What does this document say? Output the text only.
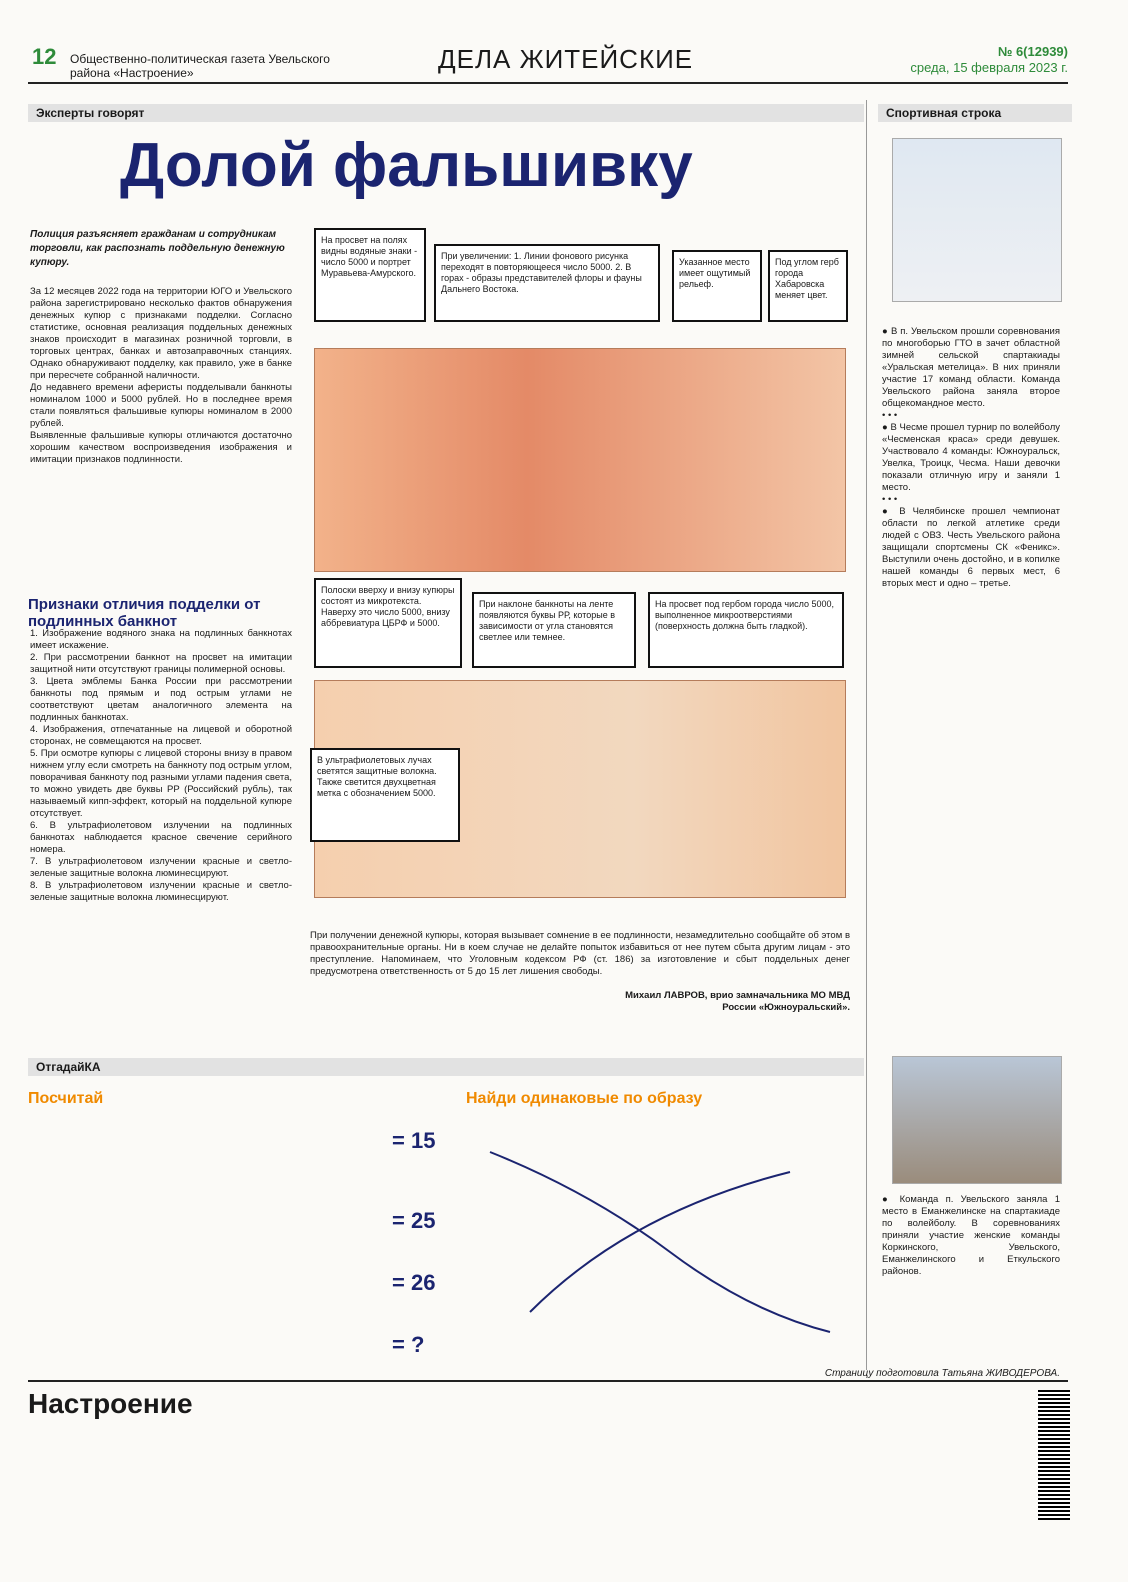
12 Общественно-политическая газета Увельского района «Настроение»	ДЕЛА ЖИТЕЙСКИЕ	№ 6(12939)
среда, 15 февраля 2023 г.
Эксперты говорят	Спортивная строка
Долой фальшивку
Полиция разъясняет гражданам и сотрудникам торговли, как распознать поддельную денежную купюру.
За 12 месяцев 2022 года на территории ЮГО и Увельского района зарегистрировано несколько фактов обнаружения денежных купюр с признаками подделки. Согласно статистике, основная реализация поддельных денежных знаков происходит в магазинах розничной торговли, в торговых центрах, банках и автозаправочных станциях. Однако обнаруживают подделку, как правило, уже в банке при пересчете собранной наличности.
До недавнего времени аферисты подделывали банкноты номиналом 1000 и 5000 рублей. Но в последнее время стали появляться фальшивые купюры номиналом в 2000 рублей.
Выявленные фальшивые купюры отличаются достаточно хорошим качеством воспроизведения изображения и имитации признаков подлинности.
Признаки отличия подделки от подлинных банкнот
1. Изображение водяного знака на подлинных банкнотах имеет искажение.
2. При рассмотрении банкнот на просвет на имитации защитной нити отсутствуют границы полимерной основы.
3. Цвета эмблемы Банка России при рассмотрении банкноты под прямым и под острым углами не соответствуют цветам аналогичного элемента на подлинных банкнотах.
4. Изображения, отпечатанные на лицевой и оборотной сторонах, не совмещаются на просвет.
5. При осмотре купюры с лицевой стороны внизу в правом нижнем углу если смотреть на банкноту под острым углом, поворачивая банкноту под разными углами падения света, то можно увидеть две буквы РР (Российский рубль), так называемый кипп-эффект, который на поддельной купюре отсутствует.
6. В ультрафиолетовом излучении на подлинных банкнотах наблюдается красное свечение серийного номера.
7. В ультрафиолетовом излучении красные и светло-зеленые защитные волокна люминесцируют.
8. В ультрафиолетовом излучении красные и светло-зеленые защитные волокна люминесцируют.
На просвет на полях видны водяные знаки - число 5000 и портрет Муравьева-Амурского.
При увеличении: 1. Линии фонового рисунка переходят в повторяющееся число 5000. 2. В горах - образы представителей флоры и фауны Дальнего Востока.
Указанное место имеет ощутимый рельеф.
Под углом герб города Хабаровска меняет цвет.
Полоски вверху и внизу купюры состоят из микротекста. Наверху это число 5000, внизу аббревиатура ЦБРФ и 5000.
При наклоне банкноты на ленте появляются буквы РР, которые в зависимости от угла становятся светлее или темнее.
На просвет под гербом города число 5000, выполненное микроотверстиями (поверхность должна быть гладкой).
В ультрафиолетовых лучах светятся защитные волокна. Также светится двухцветная метка с обозначением 5000.
При получении денежной купюры, которая вызывает сомнение в ее подлинности, незамедлительно сообщайте об этом в правоохранительные органы. Ни в коем случае не делайте попыток избавиться от нее путем сбыта другим лицам - это преступление. Напоминаем, что Уголовным кодексом РФ (ст. 186) за изготовление и сбыт поддельных денег предусмотрена ответственность от 5 до 15 лет лишения свободы.
Михаил ЛАВРОВ, врио замначальника МО МВД России «Южноуральский».
● В п. Увельском прошли соревнования по многоборью ГТО в зачет областной зимней сельской спартакиады «Уральская метелица». В них приняли участие 17 команд области. Команда Увельского района заняла второе общекомандное место.
• • •
● В Чесме прошел турнир по волейболу «Чесменская краса» среди девушек. Участвовало 4 команды: Южноуральск, Увелка, Троицк, Чесма. Наши девочки показали отличную игру и заняли 1 место.
• • •
● В Челябинске прошел чемпионат области по легкой атлетике среди людей с ОВЗ. Честь Увельского района защищали спортсмены СК «Феникс». Выступили очень достойно, и в копилке нашей команды 6 первых мест, 6 вторых мест и одно – третье.
● Команда п. Увельского заняла 1 место в Еманжелинске на спартакиаде по волейболу. В соревнованиях приняли участие женские команды Коркинского, Увельского, Еманжелинского и Еткульского районов.
ОтгадайКА
Посчитай	Найди одинаковые по образу
= 15
= 25
= 26
= ?
Страницу подготовила Татьяна ЖИВОДЕРОВА.
Настроение
